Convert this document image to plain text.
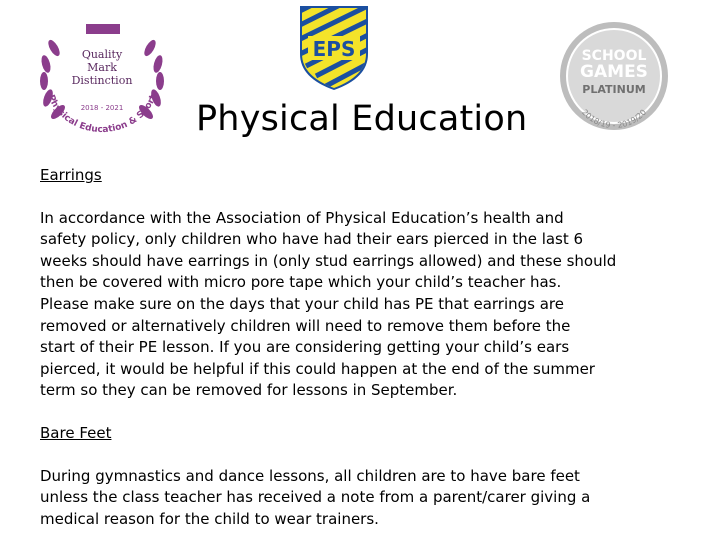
Quality
Mark
Distinction
2018 - 2021
Physical Education & Sport
EPS	SCHOOL
GAMES
PLATINUM
2018/19 - 2019/20
Physical Education

Earrings

In accordance with the Association of Physical Education’s health and

safety policy, only children who have had their ears pierced in the last 6

weeks should have earrings in (only stud earrings allowed) and these should

then be covered with micro pore tape which your child’s teacher has.

Please make sure on the days that your child has PE that earrings are

removed or alternatively children will need to remove them before the

start of their PE lesson. If you are considering getting your child’s ears

pierced, it would be helpful if this could happen at the end of the summer

term so they can be removed for lessons in September.

Bare Feet

During gymnastics and dance lessons, all children are to have bare feet

unless the class teacher has received a note from a parent/carer giving a

medical reason for the child to wear trainers.
